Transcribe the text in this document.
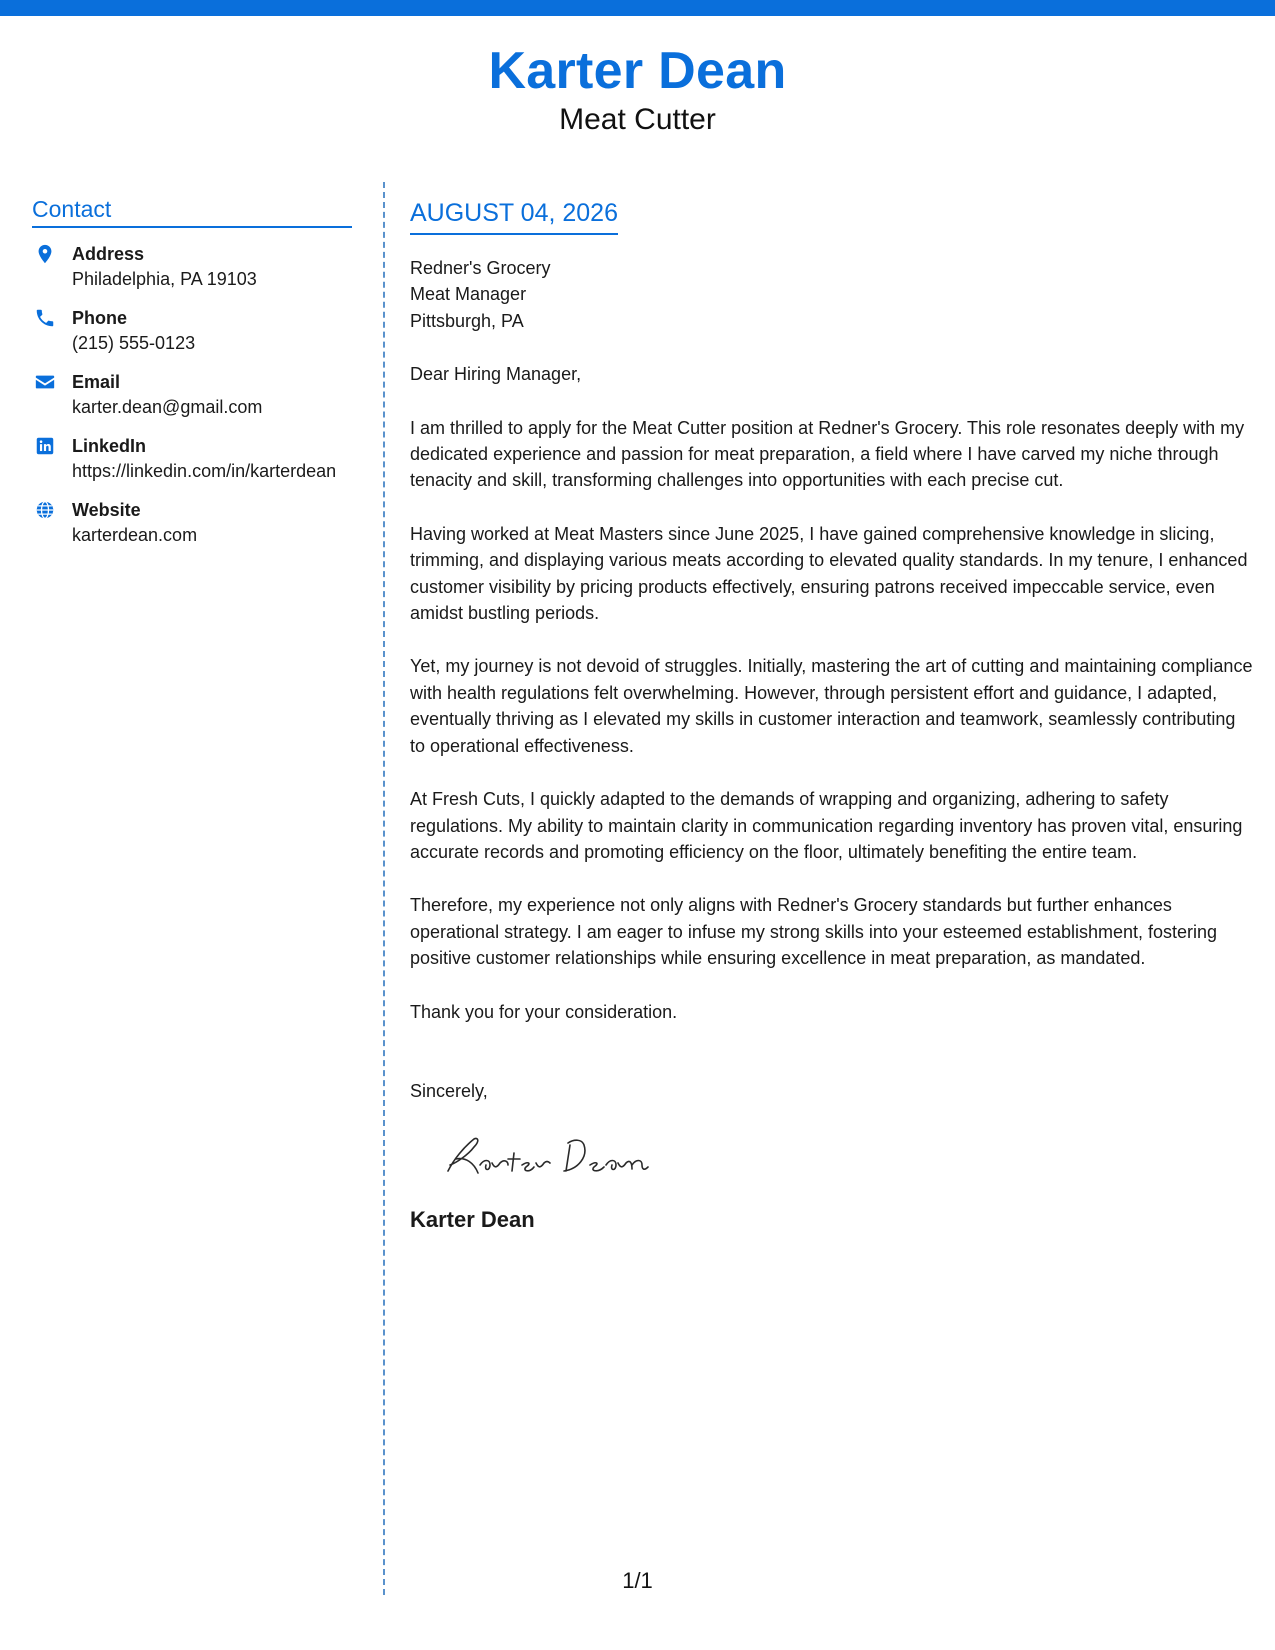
Karter Dean
Meat Cutter
Contact
Address
Philadelphia, PA 19103
Phone
(215) 555-0123
Email
karter.dean@gmail.com
LinkedIn
https://linkedin.com/in/karterdean
Website
karterdean.com
AUGUST 04, 2026
Redner's Grocery
Meat Manager
Pittsburgh, PA
Dear Hiring Manager,
I am thrilled to apply for the Meat Cutter position at Redner's Grocery. This role resonates deeply with my dedicated experience and passion for meat preparation, a field where I have carved my niche through tenacity and skill, transforming challenges into opportunities with each precise cut.
Having worked at Meat Masters since June 2025, I have gained comprehensive knowledge in slicing, trimming, and displaying various meats according to elevated quality standards. In my tenure, I enhanced customer visibility by pricing products effectively, ensuring patrons received impeccable service, even amidst bustling periods.
Yet, my journey is not devoid of struggles. Initially, mastering the art of cutting and maintaining compliance with health regulations felt overwhelming. However, through persistent effort and guidance, I adapted, eventually thriving as I elevated my skills in customer interaction and teamwork, seamlessly contributing to operational effectiveness.
At Fresh Cuts, I quickly adapted to the demands of wrapping and organizing, adhering to safety regulations. My ability to maintain clarity in communication regarding inventory has proven vital, ensuring accurate records and promoting efficiency on the floor, ultimately benefiting the entire team.
Therefore, my experience not only aligns with Redner's Grocery standards but further enhances operational strategy. I am eager to infuse my strong skills into your esteemed establishment, fostering positive customer relationships while ensuring excellence in meat preparation, as mandated.
Thank you for your consideration.
Sincerely,
Karter Dean
1/1
